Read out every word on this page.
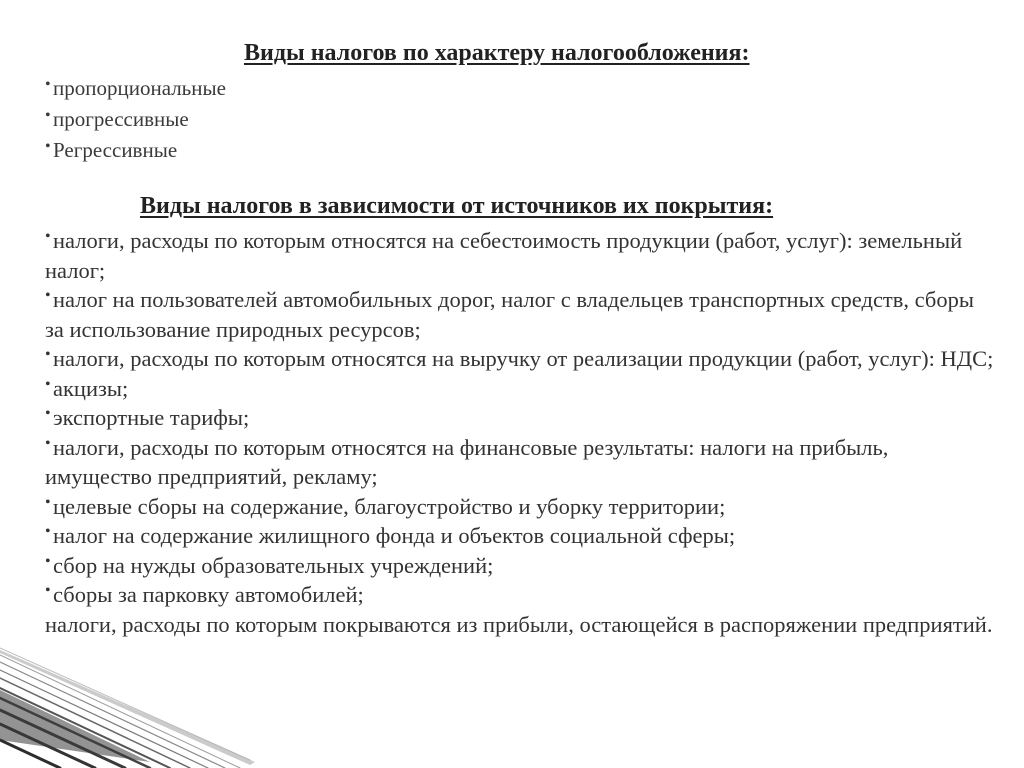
Виды налогов по характеру налогообложения:
• пропорциональные
• прогрессивные
• Регрессивные
Виды налогов в зависимости от источников их покрытия:
• налоги, расходы по которым относятся на себестоимость продукции (работ, услуг): земельный налог;
• налог на пользователей автомобильных дорог, налог с владельцев транспортных средств, сборы за использование природных ресурсов;
• налоги, расходы по которым относятся на выручку от реализации продукции (работ, услуг): НДС;
• акцизы;
• экспортные тарифы;
• налоги, расходы по которым относятся на финансовые результаты: налоги на прибыль, имущество предприятий, рекламу;
• целевые сборы на содержание, благоустройство и уборку территории;
• налог на содержание жилищного фонда и объектов социальной сферы;
• сбор на нужды образовательных учреждений;
• сборы за парковку автомобилей;
налоги, расходы по которым покрываются из прибыли, остающейся в распоряжении предприятий.
